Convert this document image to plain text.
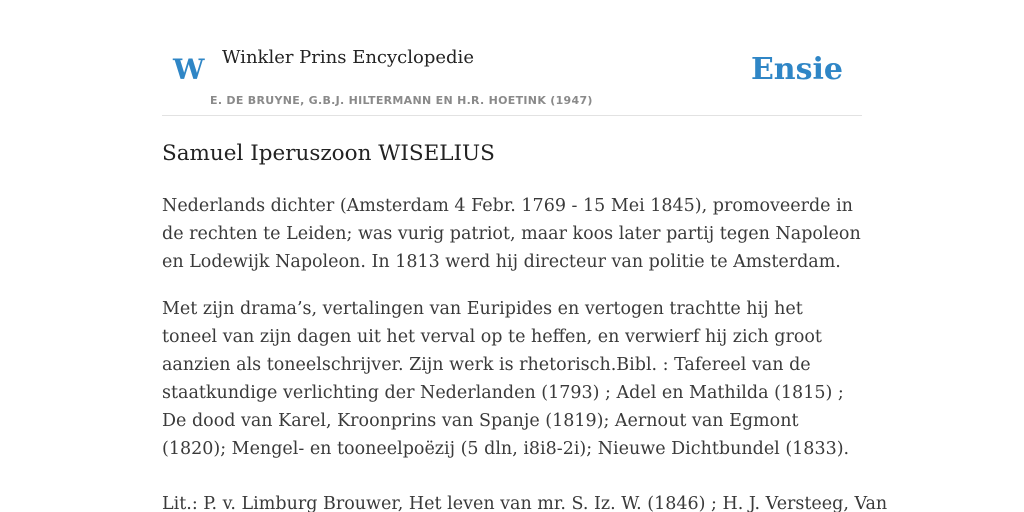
W Winkler Prins Encyclopedie
E. DE BRUYNE, G.B.J. HILTERMANN EN H.R. HOETINK (1947)
Ensie
Samuel Iperuszoon WISELIUS

Nederlands dichter (Amsterdam 4 Febr. 1769 - 15 Mei 1845), promoveerde in de rechten te Leiden; was vurig patriot, maar koos later partij tegen Napoleon en Lodewijk Napoleon. In 1813 werd hij directeur van politie te Amsterdam.

Met zijn drama’s, vertalingen van Euripides en vertogen trachtte hij het toneel van zijn dagen uit het verval op te heffen, en verwierf hij zich groot aanzien als toneelschrijver. Zijn werk is rhetorisch.Bibl. : Tafereel van de staatkundige verlichting der Nederlanden (1793) ; Adel en Mathilda (1815) ; De dood van Karel, Kroonprins van Spanje (1819); Aernout van Egmont (1820); Mengel- en tooneelpoëzij (5 dln, i8i8-2i); Nieuwe Dichtbundel (1833).

Lit.: P. v. Limburg Brouwer, Het leven van mr. S. Iz. W. (1846) ; H. J. Versteeg, Van
